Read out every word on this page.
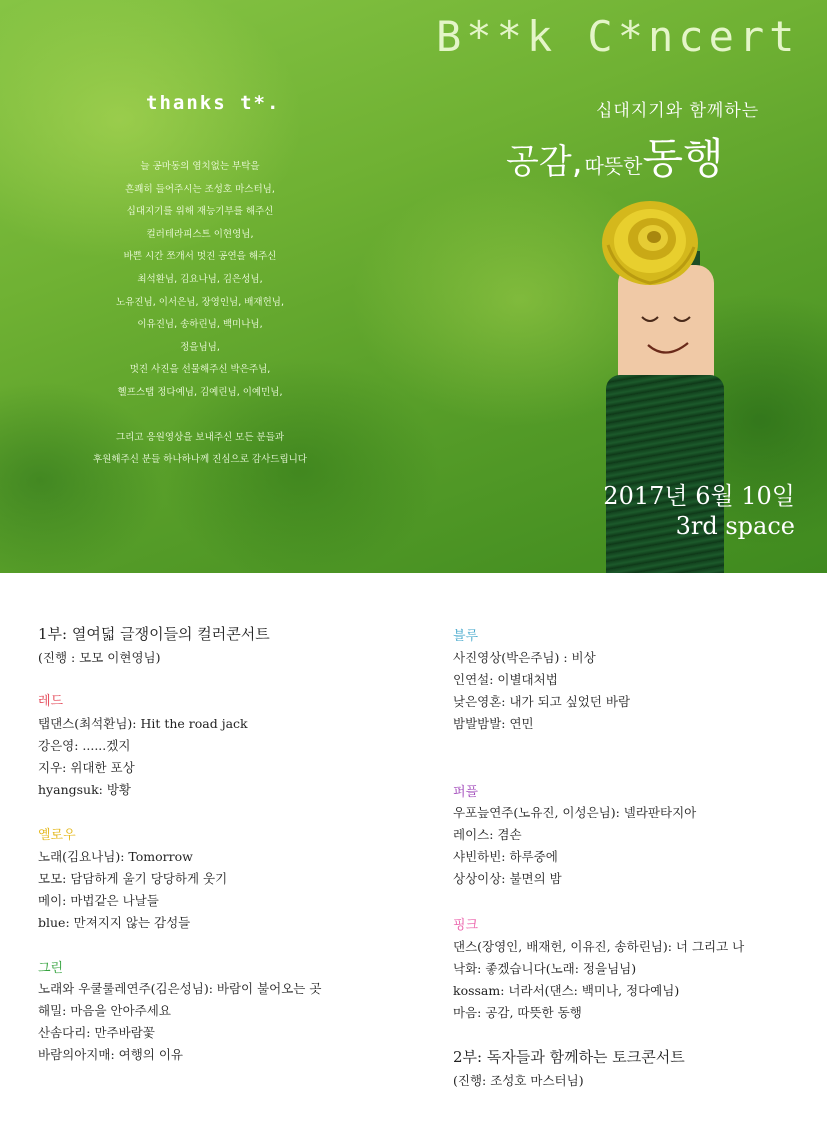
B**k C*ncert
십대지기와 함께하는
공감, 따뜻한동행
thanks t*.
늘 공마동의 염치없는 부탁을
흔쾌히 들어주시는 조성호 마스터님,
십대지기를 위해 재능기부를 해주신
컬러테라피스트 이현영님,
바쁜 시간 쪼개서 멋진 공연을 해주신
최석환님, 김요나님, 김은성님,
노유진님, 이서은님, 장영인님, 배재헌님,
이유진님, 송하린님, 백미나님,
정을님님,
멋진 사진을 선물해주신 박은주님,
헬프스탭 정다예님, 김예린님, 이예민님,
그리고 응원영상을 보내주신 모든 분들과
후원해주신 분들 하나하나께 진심으로 감사드립니다
2017년 6월 10일
3rd space
1부: 열여덟 글쟁이들의 컬러콘서트
(진행 : 모모 이현영님)
레드
탭댄스(최석환님): Hit the road jack
강은영: ......겠지
지우: 위대한 포상
hyangsuk: 방황
옐로우
노래(김요나님): Tomorrow
모모: 담담하게 울기 당당하게 웃기
메이: 마법같은 나날들
blue: 만져지지 않는 감성들
그린
노래와 우쿨룰레연주(김은성님): 바람이 불어오는 곳
해밀: 마음을 안아주세요
산솜다리: 만주바람꽃
바람의아지매: 여행의 이유
블루
사진영상(박은주님) : 비상
인연설: 이별대처법
낮은영혼: 내가 되고 싶었던 바람
밤발밤발: 연민
퍼플
우포늪연주(노유진, 이성은님): 넬라판타지아
레이스: 겸손
샤빈하빈: 하루중에
상상이상: 불면의 밤
핑크
댄스(장영인, 배재헌, 이유진, 송하린님): 너 그리고 나
낙화: 좋겠습니다(노래: 정을님님)
kossam: 너라서(댄스: 백미나, 정다예님)
마음: 공감, 따뜻한 동행
2부: 독자들과 함께하는 토크콘서트
(진행: 조성호 마스터님)
